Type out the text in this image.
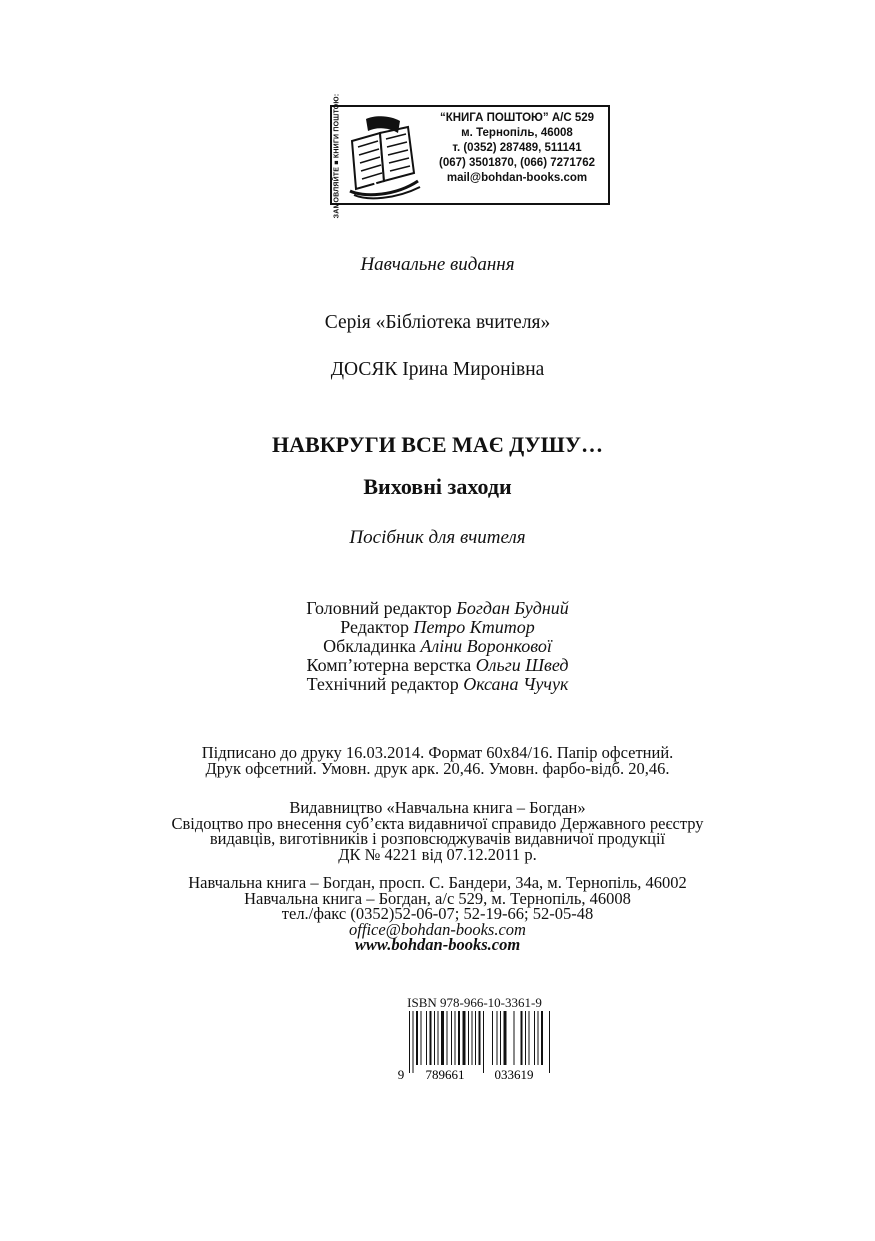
ЗАМОВЛЯЙТЕ ■ КНИГИ ПОШТОЮ:	“КНИГА ПОШТОЮ” А/С 529
м. Тернопіль, 46008
т. (0352) 287489, 511141
(067) 3501870, (066) 7271762
mail@bohdan-books.com
Навчальне видання
Серія «Бібліотека вчителя»
ДОСЯК Ірина Миронівна
НАВКРУГИ ВСЕ МАЄ ДУШУ…
Виховні заходи
Посібник для вчителя
Головний редактор Богдан Будний
Редактор Петро Ктитор
Обкладинка Аліни Воронкової
Комп’ютерна верстка Ольги Швед
Технічний редактор Оксана Чучук
Підписано до друку 16.03.2014. Формат 60х84/16. Папір офсетний.
Друк офсетний. Умовн. друк арк. 20,46. Умовн. фарбо-відб. 20,46.
Видавництво «Навчальна книга – Богдан»
Свідоцтво про внесення суб’єкта видавничої справидо Державного реєстру
видавців, виготівників і розповсюджувачів видавничої продукції
ДК № 4221 від 07.12.2011 р.
Навчальна книга – Богдан, просп. С. Бандери, 34а, м. Тернопіль, 46002
Навчальна книга – Богдан, а/с 529, м. Тернопіль, 46008
тел./факс (0352)52-06-07; 52-19-66; 52-05-48
office@bohdan-books.com
www.bohdan-books.com
ISBN 978-966-10-3361-9
9 789661 033619
